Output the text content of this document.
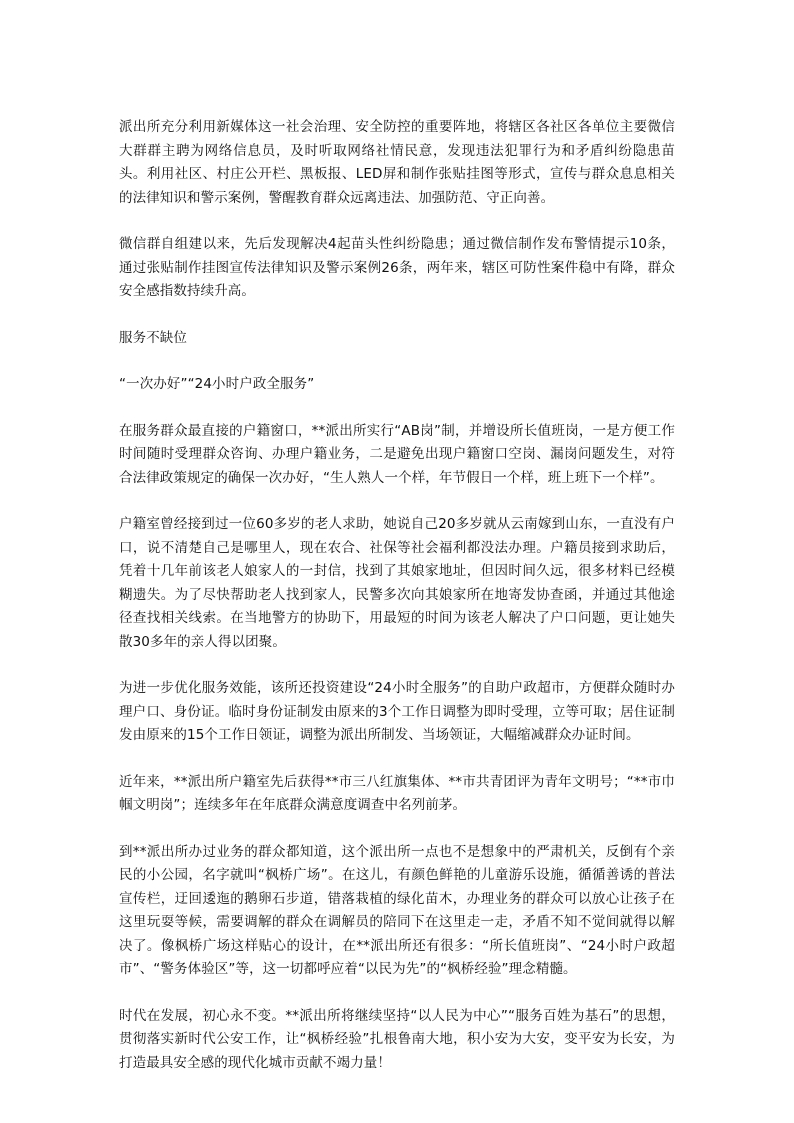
派出所充分利用新媒体这一社会治理、安全防控的重要阵地，将辖区各社区各单位主要微信大群群主聘为网络信息员，及时听取网络社情民意，发现违法犯罪行为和矛盾纠纷隐患苗头。利用社区、村庄公开栏、黑板报、LED屏和制作张贴挂图等形式，宣传与群众息息相关的法律知识和警示案例，警醒教育群众远离违法、加强防范、守正向善。

微信群自组建以来，先后发现解决4起苗头性纠纷隐患；通过微信制作发布警情提示10条，通过张贴制作挂图宣传法律知识及警示案例26条，两年来，辖区可防性案件稳中有降，群众安全感指数持续升高。

服务不缺位

“一次办好”“24小时户政全服务”

在服务群众最直接的户籍窗口，**派出所实行“AB岗”制，并增设所长值班岗，一是方便工作时间随时受理群众咨询、办理户籍业务，二是避免出现户籍窗口空岗、漏岗问题发生，对符合法律政策规定的确保一次办好，“生人熟人一个样，年节假日一个样，班上班下一个样”。

户籍室曾经接到过一位60多岁的老人求助，她说自己20多岁就从云南嫁到山东，一直没有户口，说不清楚自己是哪里人，现在农合、社保等社会福利都没法办理。户籍员接到求助后，凭着十几年前该老人娘家人的一封信，找到了其娘家地址，但因时间久远，很多材料已经模糊遗失。为了尽快帮助老人找到家人，民警多次向其娘家所在地寄发协查函，并通过其他途径查找相关线索。在当地警方的协助下，用最短的时间为该老人解决了户口问题，更让她失散30多年的亲人得以团聚。

为进一步优化服务效能，该所还投资建设“24小时全服务”的自助户政超市，方便群众随时办理户口、身份证。临时身份证制发由原来的3个工作日调整为即时受理，立等可取；居住证制发由原来的15个工作日领证，调整为派出所制发、当场领证，大幅缩减群众办证时间。

近年来，**派出所户籍室先后获得**市三八红旗集体、**市共青团评为青年文明号；“**市巾帼文明岗”；连续多年在年底群众满意度调查中名列前茅。

到**派出所办过业务的群众都知道，这个派出所一点也不是想象中的严肃机关，反倒有个亲民的小公园，名字就叫“枫桥广场”。在这儿，有颜色鲜艳的儿童游乐设施，循循善诱的普法宣传栏，迂回逶迤的鹅卵石步道，错落栽植的绿化苗木，办理业务的群众可以放心让孩子在这里玩耍等候，需要调解的群众在调解员的陪同下在这里走一走，矛盾不知不觉间就得以解决了。像枫桥广场这样贴心的设计，在**派出所还有很多：“所长值班岗”、“24小时户政超市”、“警务体验区”等，这一切都呼应着“以民为先”的“枫桥经验”理念精髓。

时代在发展，初心永不变。**派出所将继续坚持“以人民为中心”“服务百姓为基石”的思想，贯彻落实新时代公安工作，让“枫桥经验”扎根鲁南大地，积小安为大安，变平安为长安，为打造最具安全感的现代化城市贡献不竭力量！
